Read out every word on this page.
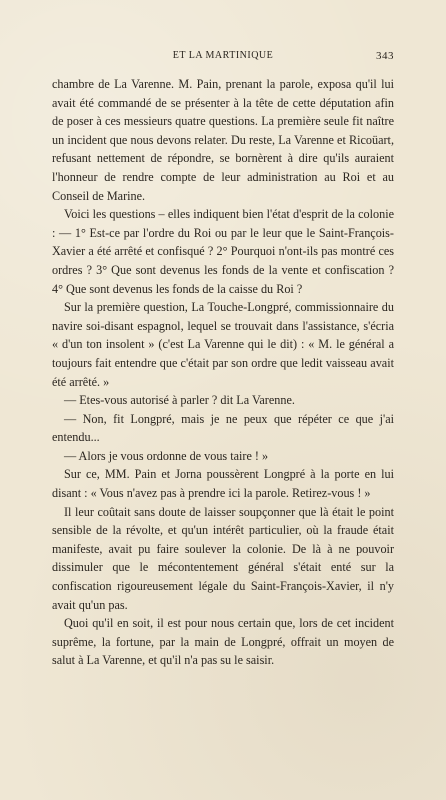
ET LA MARTINIQUE	343

chambre de La Varenne. M. Pain, prenant la parole, exposa qu'il lui avait été commandé de se présenter à la tête de cette députation afin de poser à ces messieurs quatre questions. La première seule fit naître un incident que nous devons relater. Du reste, La Varenne et Ricoüart, refusant nettement de répondre, se bornèrent à dire qu'ils auraient l'honneur de rendre compte de leur administration au Roi et au Conseil de Marine.

Voici les questions – elles indiquent bien l'état d'esprit de la colonie : — 1° Est-ce par l'ordre du Roi ou par le leur que le Saint-François-Xavier a été arrêté et confisqué ? 2° Pourquoi n'ont-ils pas montré ces ordres ? 3° Que sont devenus les fonds de la vente et confiscation ? 4° Que sont devenus les fonds de la caisse du Roi ?

Sur la première question, La Touche-Longpré, commissionnaire du navire soi-disant espagnol, lequel se trouvait dans l'assistance, s'écria « d'un ton insolent » (c'est La Varenne qui le dit) : « M. le général a toujours fait entendre que c'était par son ordre que ledit vaisseau avait été arrêté. »

— Etes-vous autorisé à parler ? dit La Varenne.

— Non, fit Longpré, mais je ne peux que répéter ce que j'ai entendu...

— Alors je vous ordonne de vous taire ! »

Sur ce, MM. Pain et Jorna poussèrent Longpré à la porte en lui disant : « Vous n'avez pas à prendre ici la parole. Retirez-vous ! »

Il leur coûtait sans doute de laisser soupçonner que là était le point sensible de la révolte, et qu'un intérêt particulier, où la fraude était manifeste, avait pu faire soulever la colonie. De là à ne pouvoir dissimuler que le mécontentement général s'était enté sur la confiscation rigoureusement légale du Saint-François-Xavier, il n'y avait qu'un pas.

Quoi qu'il en soit, il est pour nous certain que, lors de cet incident suprême, la fortune, par la main de Longpré, offrait un moyen de salut à La Varenne, et qu'il n'a pas su le saisir.
